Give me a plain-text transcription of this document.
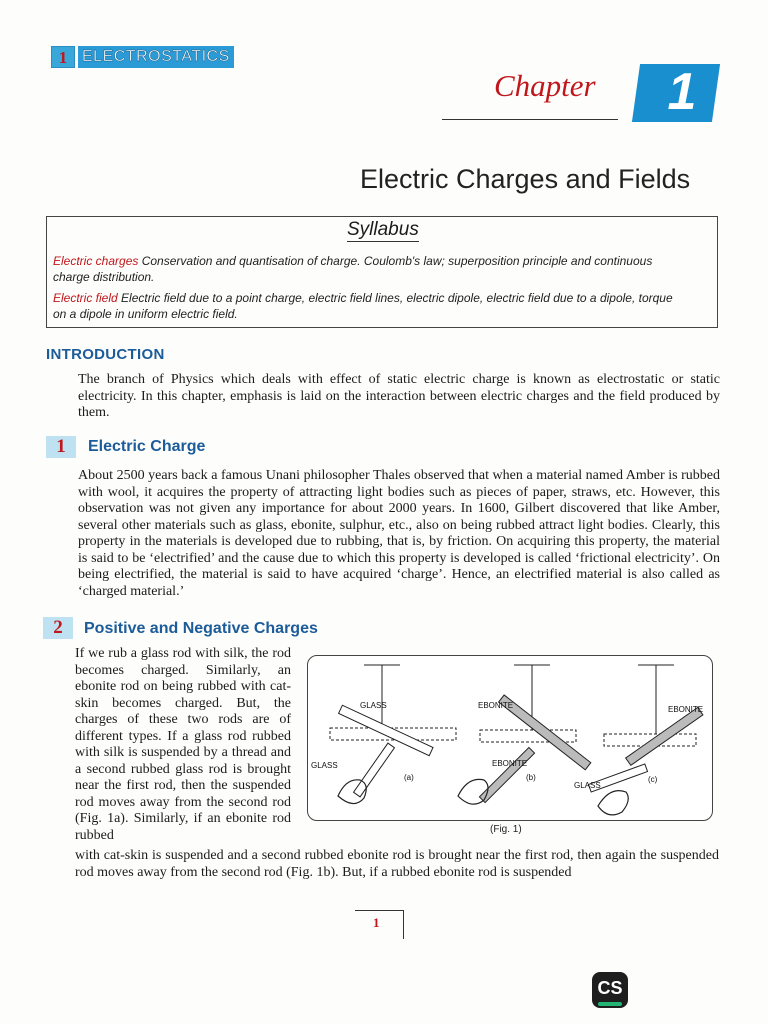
1 ELECTROSTATICS
Chapter 1
Electric Charges and Fields
Syllabus
Electric charges Conservation and quantisation of charge. Coulomb's law; superposition principle and continuous
charge distribution.
Electric field Electric field due to a point charge, electric field lines, electric dipole, electric field due to a dipole, torque
on a dipole in uniform electric field.
INTRODUCTION
The branch of Physics which deals with effect of static electric charge is known as electrostatic or static electricity. In this chapter, emphasis is laid on the interaction between electric charges and the field produced by them.
1	Electric Charge
About 2500 years back a famous Unani philosopher Thales observed that when a material named Amber is rubbed with wool, it acquires the property of attracting light bodies such as pieces of paper, straws, etc. However, this observation was not given any importance for about 2000 years. In 1600, Gilbert discovered that like Amber, several other materials such as glass, ebonite, sulphur, etc., also on being rubbed attract light bodies. Clearly, this property in the materials is developed due to rubbing, that is, by friction. On acquiring this property, the material is said to be ‘electrified’ and the cause due to which this property is developed is called ‘frictional electricity’. On being electrified, the material is said to have acquired ‘charge’. Hence, an electrified material is also called as ‘charged material.’
2	Positive and Negative Charges
If we rub a glass rod with silk, the rod becomes charged. Similarly, an ebonite rod on being rubbed with cat-skin becomes charged. But, the charges of these two rods are of different types. If a glass rod rubbed with silk is suspended by a thread and a second rubbed glass rod is brought near the first rod, then the suspended rod moves away from the second rod (Fig. 1a). Similarly, if an ebonite rod rubbed
GLASS
GLASS
(a)
EBONITE
EBONITE
(b)
EBONITE
GLASS
(c)
(Fig. 1)
with cat-skin is suspended and a second rubbed ebonite rod is brought near the first rod, then again the suspended rod moves away from the second rod (Fig. 1b). But, if a rubbed ebonite rod is suspended
1
CS
